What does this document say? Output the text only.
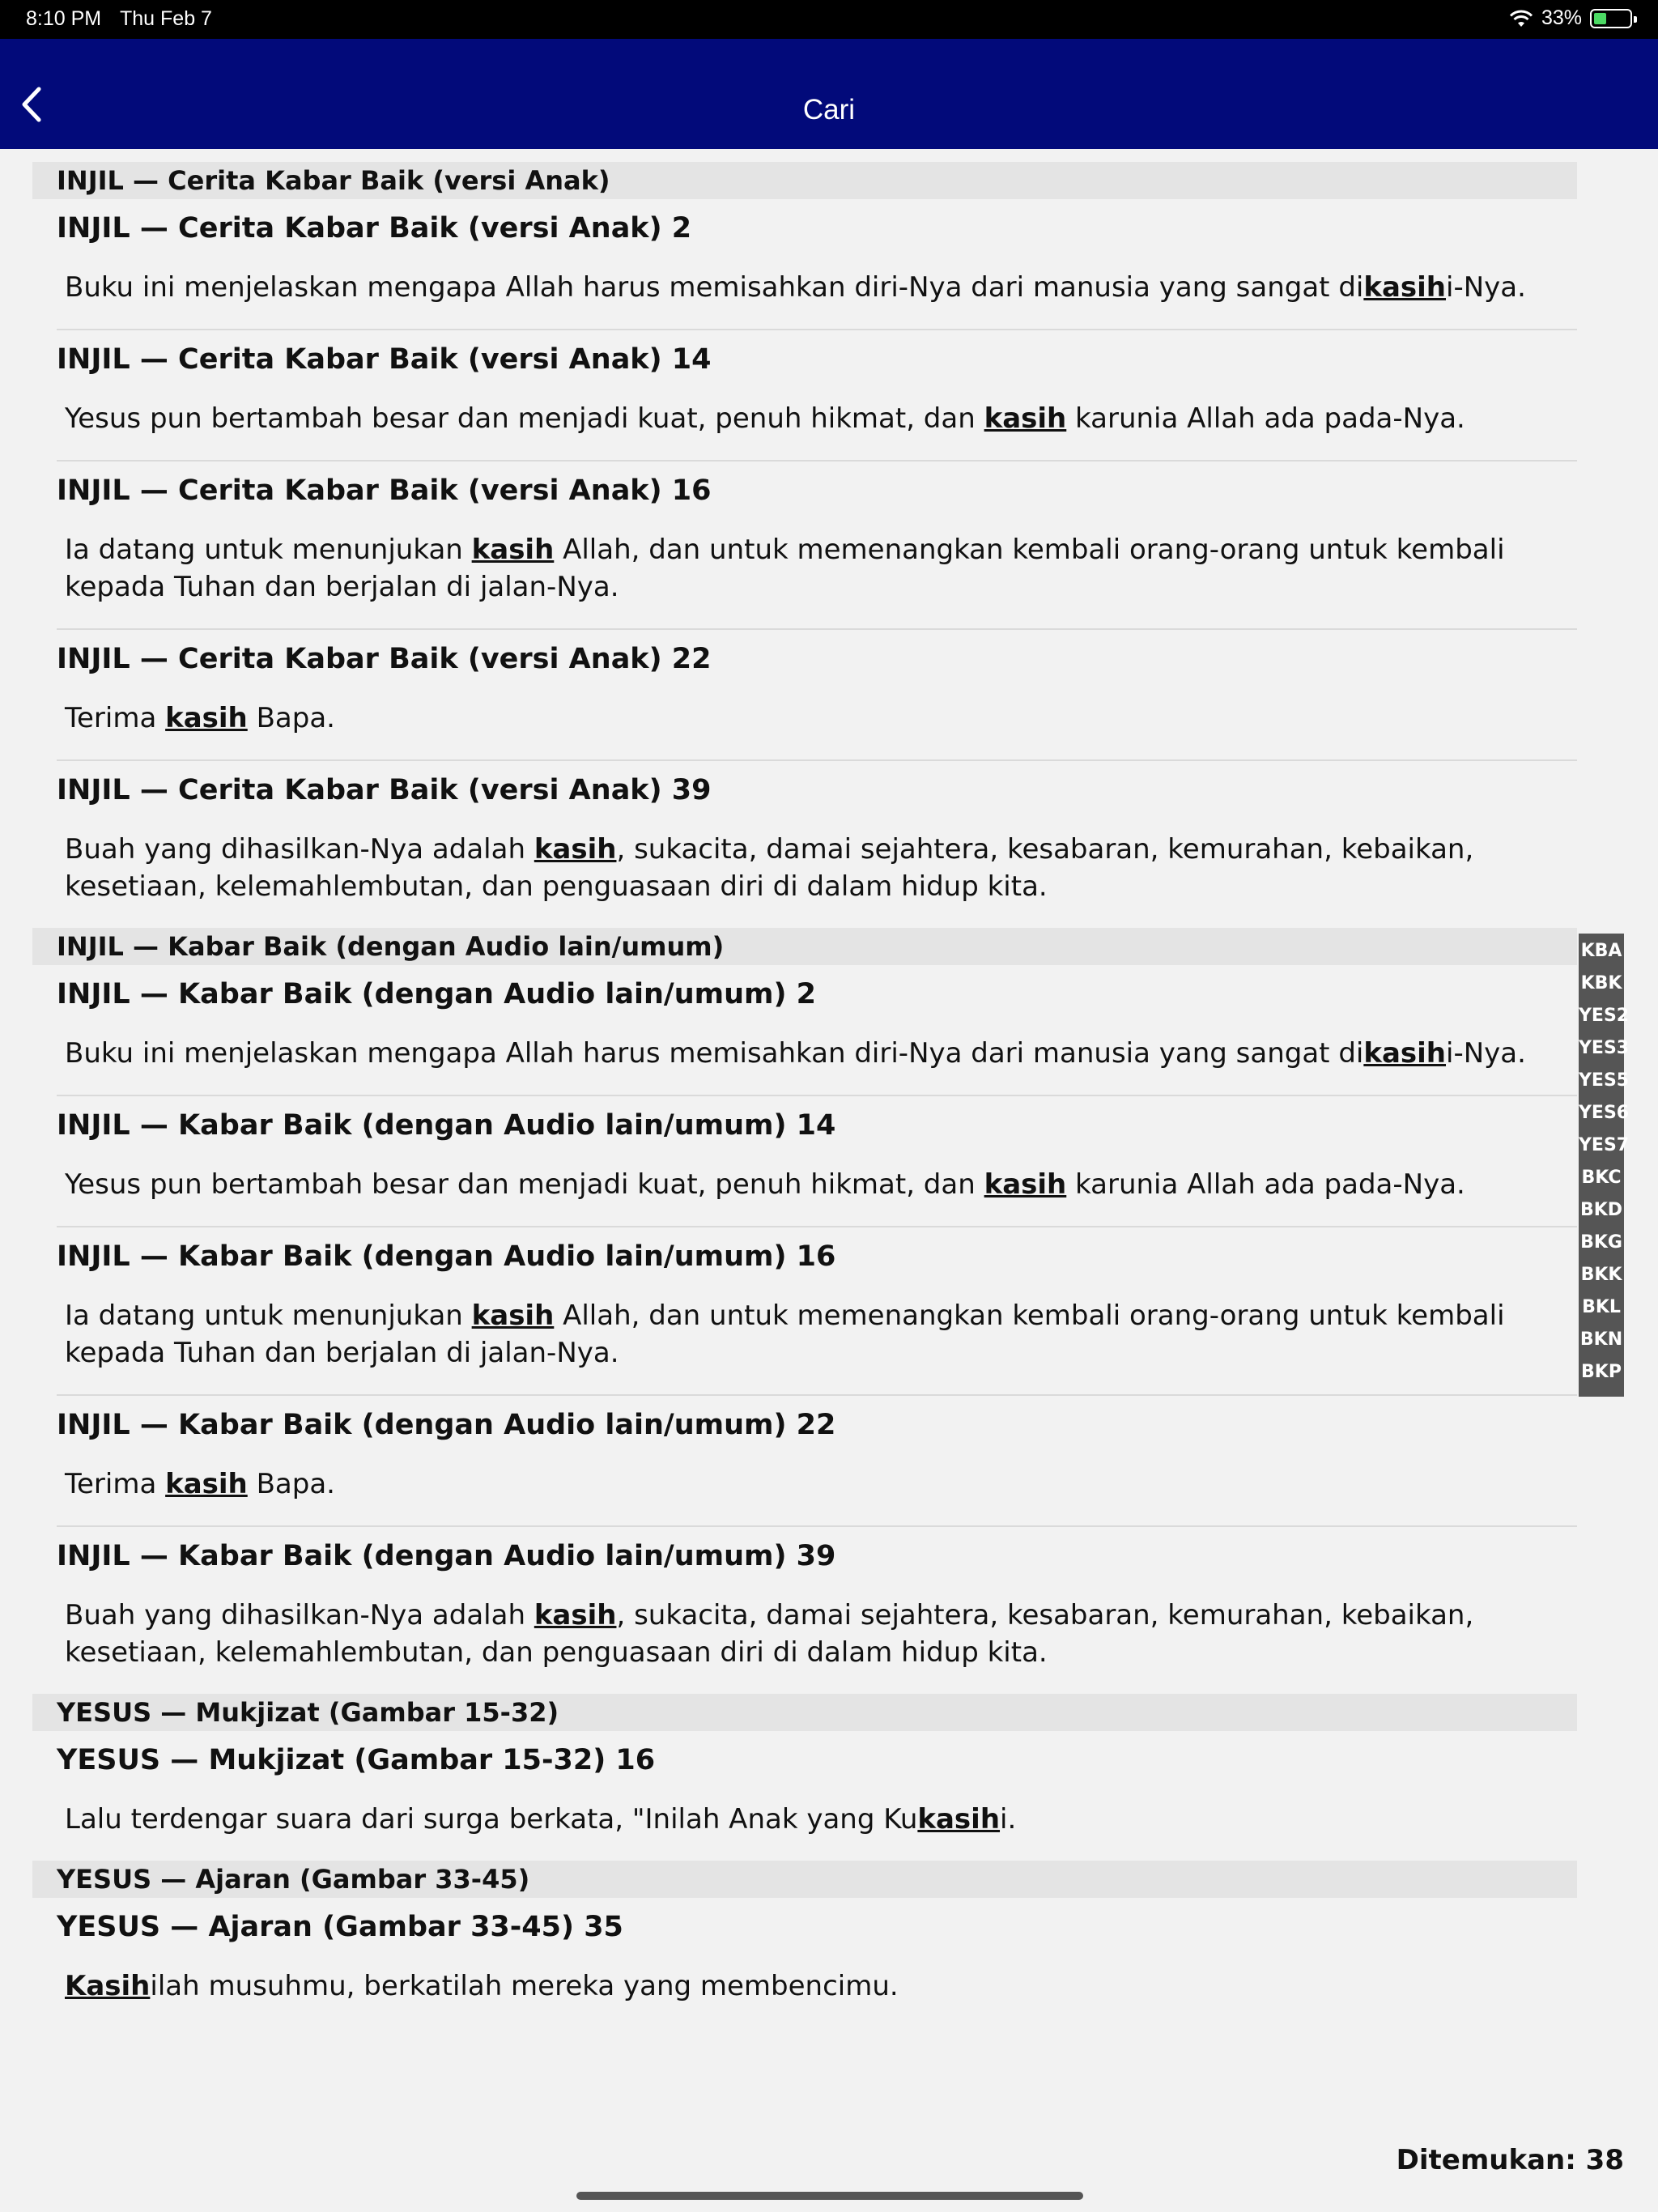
8:10 PM Thu Feb 7	33%
Cari
INJIL — Cerita Kabar Baik (versi Anak)
INJIL — Cerita Kabar Baik (versi Anak) 2
Buku ini menjelaskan mengapa Allah harus memisahkan diri-Nya dari manusia yang sangat dikasihi-Nya.
INJIL — Cerita Kabar Baik (versi Anak) 14
Yesus pun bertambah besar dan menjadi kuat, penuh hikmat, dan kasih karunia Allah ada pada-Nya.
INJIL — Cerita Kabar Baik (versi Anak) 16
Ia datang untuk menunjukan kasih Allah, dan untuk memenangkan kembali orang-orang untuk kembali kepada Tuhan dan berjalan di jalan-Nya.
INJIL — Cerita Kabar Baik (versi Anak) 22
Terima kasih Bapa.
INJIL — Cerita Kabar Baik (versi Anak) 39
Buah yang dihasilkan-Nya adalah kasih, sukacita, damai sejahtera, kesabaran, kemurahan, kebaikan, kesetiaan, kelemahlembutan, dan penguasaan diri di dalam hidup kita.
INJIL — Kabar Baik (dengan Audio lain/umum)
INJIL — Kabar Baik (dengan Audio lain/umum) 2
Buku ini menjelaskan mengapa Allah harus memisahkan diri-Nya dari manusia yang sangat dikasihi-Nya.
INJIL — Kabar Baik (dengan Audio lain/umum) 14
Yesus pun bertambah besar dan menjadi kuat, penuh hikmat, dan kasih karunia Allah ada pada-Nya.
INJIL — Kabar Baik (dengan Audio lain/umum) 16
Ia datang untuk menunjukan kasih Allah, dan untuk memenangkan kembali orang-orang untuk kembali kepada Tuhan dan berjalan di jalan-Nya.
INJIL — Kabar Baik (dengan Audio lain/umum) 22
Terima kasih Bapa.
INJIL — Kabar Baik (dengan Audio lain/umum) 39
Buah yang dihasilkan-Nya adalah kasih, sukacita, damai sejahtera, kesabaran, kemurahan, kebaikan, kesetiaan, kelemahlembutan, dan penguasaan diri di dalam hidup kita.
YESUS — Mukjizat (Gambar 15-32)
YESUS — Mukjizat (Gambar 15-32) 16
Lalu terdengar suara dari surga berkata, "Inilah Anak yang Kukasihi.
YESUS — Ajaran (Gambar 33-45)
YESUS — Ajaran (Gambar 33-45) 35
Kasihilah musuhmu, berkatilah mereka yang membencimu.
KBA
KBK
YES2
YES3
YES5
YES6
YES7
BKC
BKD
BKG
BKK
BKL
BKN
BKP
Ditemukan: 38
